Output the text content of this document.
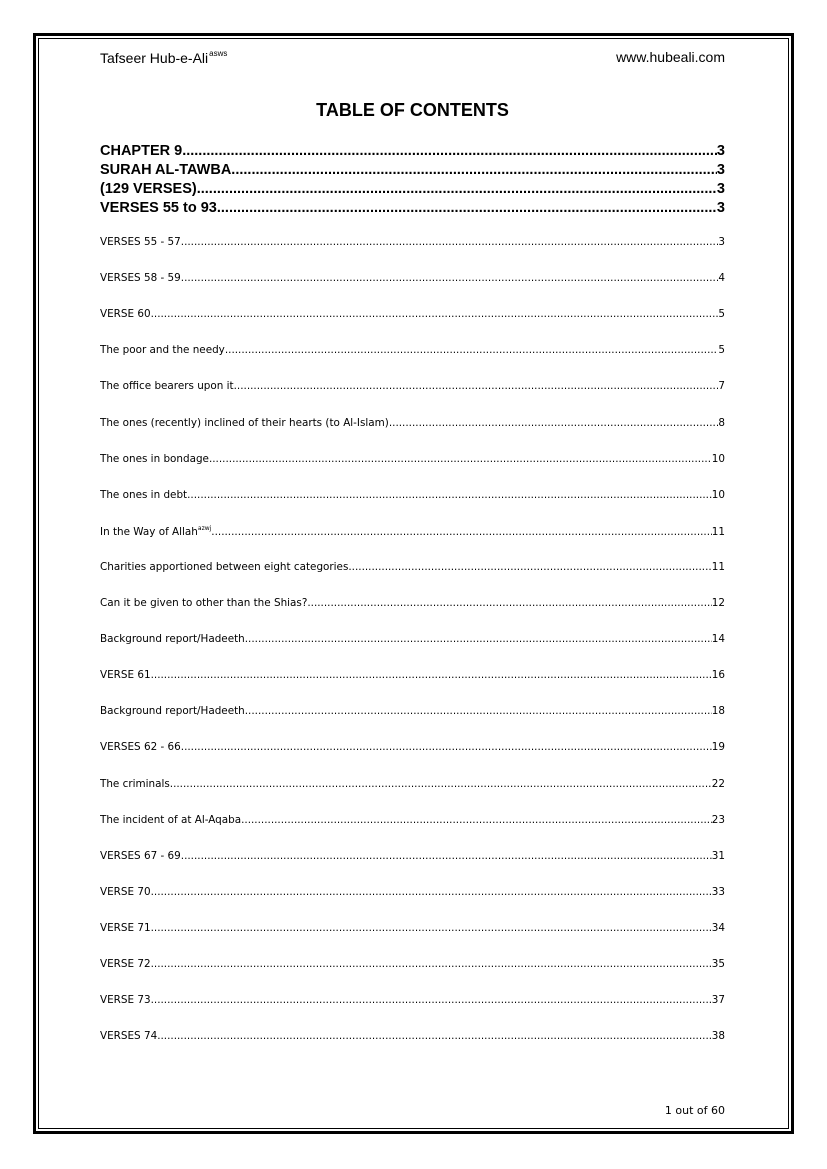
Tafseer Hub-e-Ali$^{asws}$	www.hubeali.com
TABLE OF CONTENTS
CHAPTER 9 .....	3
SURAH AL-TAWBA .....	3
(129 VERSES) .....	3
VERSES 55 to 93 .....	3
VERSES 55 - 57 .....	3
VERSES 58 - 59 .....	4
VERSE 60 .....	5
The poor and the needy .....	5
The office bearers upon it .....	7
The ones (recently) inclined of their hearts (to Al-Islam) .....	8
The ones in bondage .....	10
The ones in debt .....	10
In the Way of Allah$^{azwj}$ .....	11
Charities apportioned between eight categories .....	11
Can it be given to other than the Shias? .....	12
Background report/Hadeeth .....	14
VERSE 61 .....	16
Background report/Hadeeth .....	18
VERSES 62 - 66 .....	19
The criminals .....	22
The incident of at Al-Aqaba .....	23
VERSES 67 - 69 .....	31
VERSE 70 .....	33
VERSE 71 .....	34
VERSE 72 .....	35
VERSE 73 .....	37
VERSES 74 .....	38
1 out of 60
